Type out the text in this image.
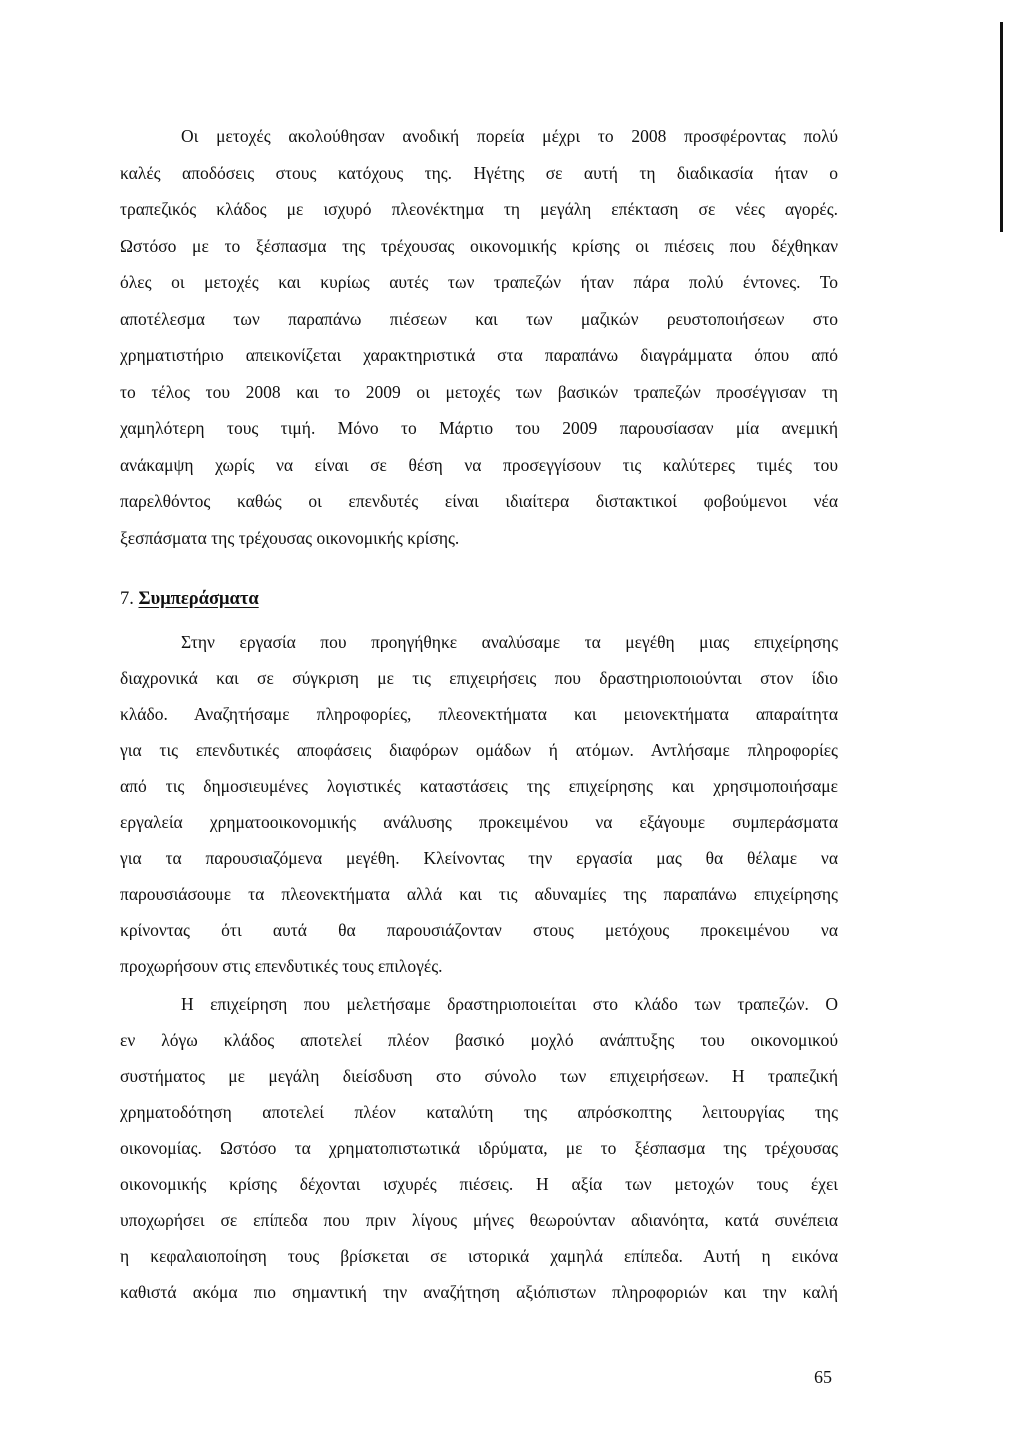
Οι μετοχές ακολούθησαν ανοδική πορεία μέχρι το 2008 προσφέροντας πολύ
καλές αποδόσεις στους κατόχους της. Ηγέτης σε αυτή τη διαδικασία ήταν ο
τραπεζικός κλάδος με ισχυρό πλεονέκτημα τη μεγάλη επέκταση σε νέες αγορές.
Ωστόσο με το ξέσπασμα της τρέχουσας οικονομικής κρίσης οι πιέσεις που δέχθηκαν
όλες οι μετοχές και κυρίως αυτές των τραπεζών ήταν πάρα πολύ έντονες. Το
αποτέλεσμα των παραπάνω πιέσεων και των μαζικών ρευστοποιήσεων στο
χρηματιστήριο απεικονίζεται χαρακτηριστικά στα παραπάνω διαγράμματα όπου από
το τέλος του 2008 και το 2009 οι μετοχές των βασικών τραπεζών προσέγγισαν τη
χαμηλότερη τους τιμή. Μόνο το Μάρτιο του 2009 παρουσίασαν μία ανεμική
ανάκαμψη χωρίς να είναι σε θέση να προσεγγίσουν τις καλύτερες τιμές του
παρελθόντος καθώς οι επενδυτές είναι ιδιαίτερα διστακτικοί φοβούμενοι νέα
ξεσπάσματα της τρέχουσας οικονομικής κρίσης.
7. Συμπεράσματα
Στην εργασία που προηγήθηκε αναλύσαμε τα μεγέθη μιας επιχείρησης
διαχρονικά και σε σύγκριση με τις επιχειρήσεις που δραστηριοποιούνται στον ίδιο
κλάδο. Αναζητήσαμε πληροφορίες, πλεονεκτήματα και μειονεκτήματα απαραίτητα
για τις επενδυτικές αποφάσεις διαφόρων ομάδων ή ατόμων. Αντλήσαμε πληροφορίες
από τις δημοσιευμένες λογιστικές καταστάσεις της επιχείρησης και χρησιμοποιήσαμε
εργαλεία χρηματοοικονομικής ανάλυσης προκειμένου να εξάγουμε συμπεράσματα
για τα παρουσιαζόμενα μεγέθη. Κλείνοντας την εργασία μας θα θέλαμε να
παρουσιάσουμε τα πλεονεκτήματα αλλά και τις αδυναμίες της παραπάνω επιχείρησης
κρίνοντας ότι αυτά θα παρουσιάζονταν στους μετόχους προκειμένου να
προχωρήσουν στις επενδυτικές τους επιλογές.
Η επιχείρηση που μελετήσαμε δραστηριοποιείται στο κλάδο των τραπεζών. Ο
εν λόγω κλάδος αποτελεί πλέον βασικό μοχλό ανάπτυξης του οικονομικού
συστήματος με μεγάλη διείσδυση στο σύνολο των επιχειρήσεων. Η τραπεζική
χρηματοδότηση αποτελεί πλέον καταλύτη της απρόσκοπτης λειτουργίας της
οικονομίας. Ωστόσο τα χρηματοπιστωτικά ιδρύματα, με το ξέσπασμα της τρέχουσας
οικονομικής κρίσης δέχονται ισχυρές πιέσεις. Η αξία των μετοχών τους έχει
υποχωρήσει σε επίπεδα που πριν λίγους μήνες θεωρούνταν αδιανόητα, κατά συνέπεια
η κεφαλαιοποίηση τους βρίσκεται σε ιστορικά χαμηλά επίπεδα. Αυτή η εικόνα
καθιστά ακόμα πιο σημαντική την αναζήτηση αξιόπιστων πληροφοριών και την καλή
65
